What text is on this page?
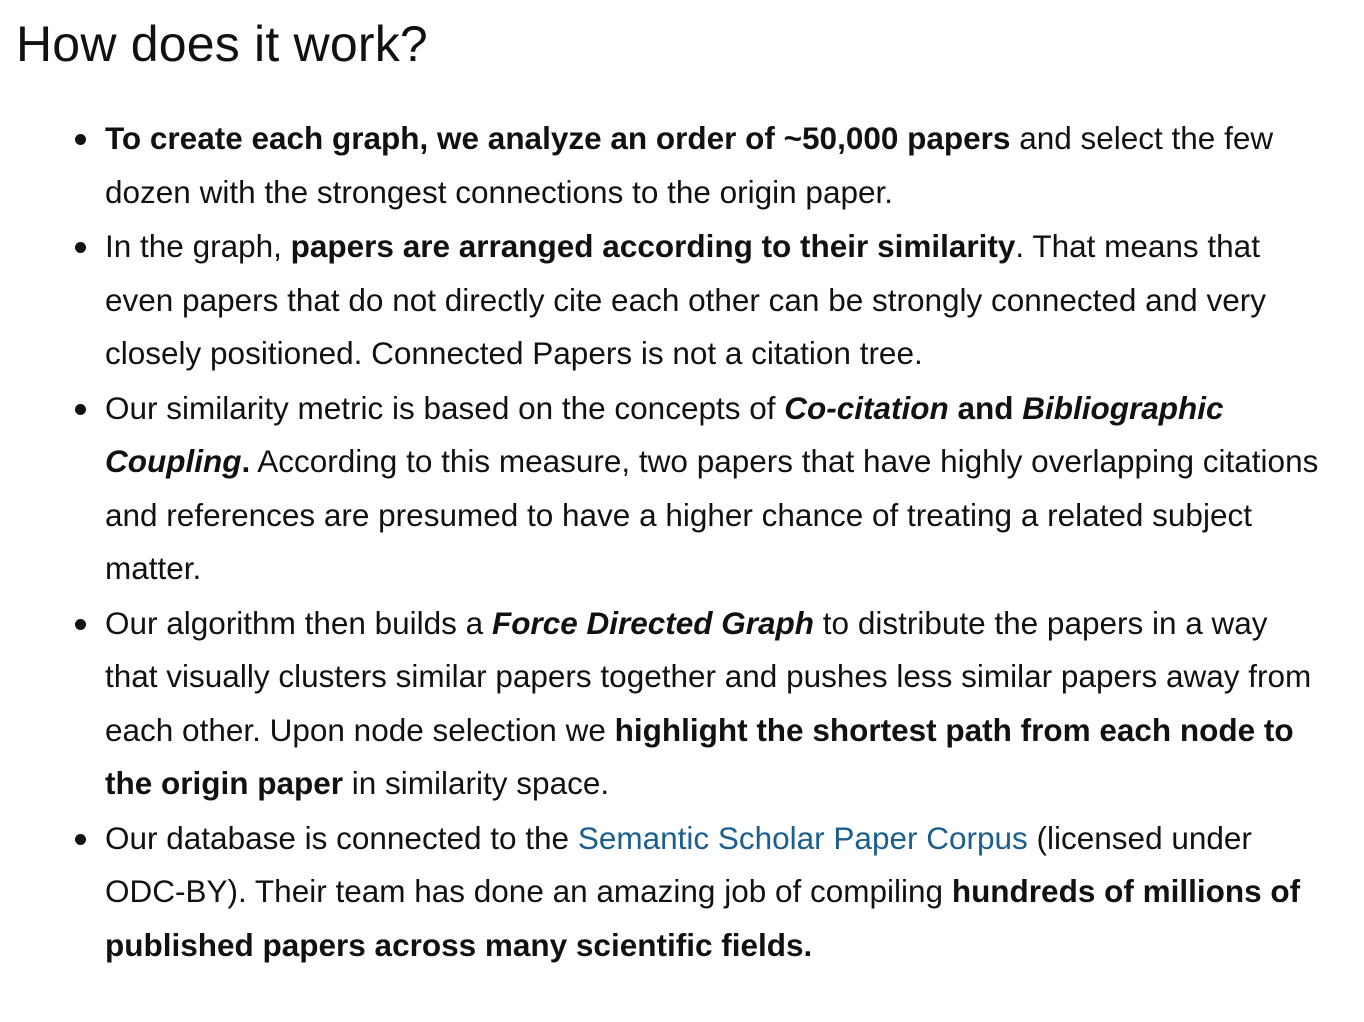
How does it work?
To create each graph, we analyze an order of ~50,000 papers and select the few dozen with the strongest connections to the origin paper.
In the graph, papers are arranged according to their similarity. That means that even papers that do not directly cite each other can be strongly connected and very closely positioned. Connected Papers is not a citation tree.
Our similarity metric is based on the concepts of Co-citation and Bibliographic Coupling. According to this measure, two papers that have highly overlapping citations and references are presumed to have a higher chance of treating a related subject matter.
Our algorithm then builds a Force Directed Graph to distribute the papers in a way that visually clusters similar papers together and pushes less similar papers away from each other. Upon node selection we highlight the shortest path from each node to the origin paper in similarity space.
Our database is connected to the Semantic Scholar Paper Corpus (licensed under ODC-BY). Their team has done an amazing job of compiling hundreds of millions of published papers across many scientific fields.
